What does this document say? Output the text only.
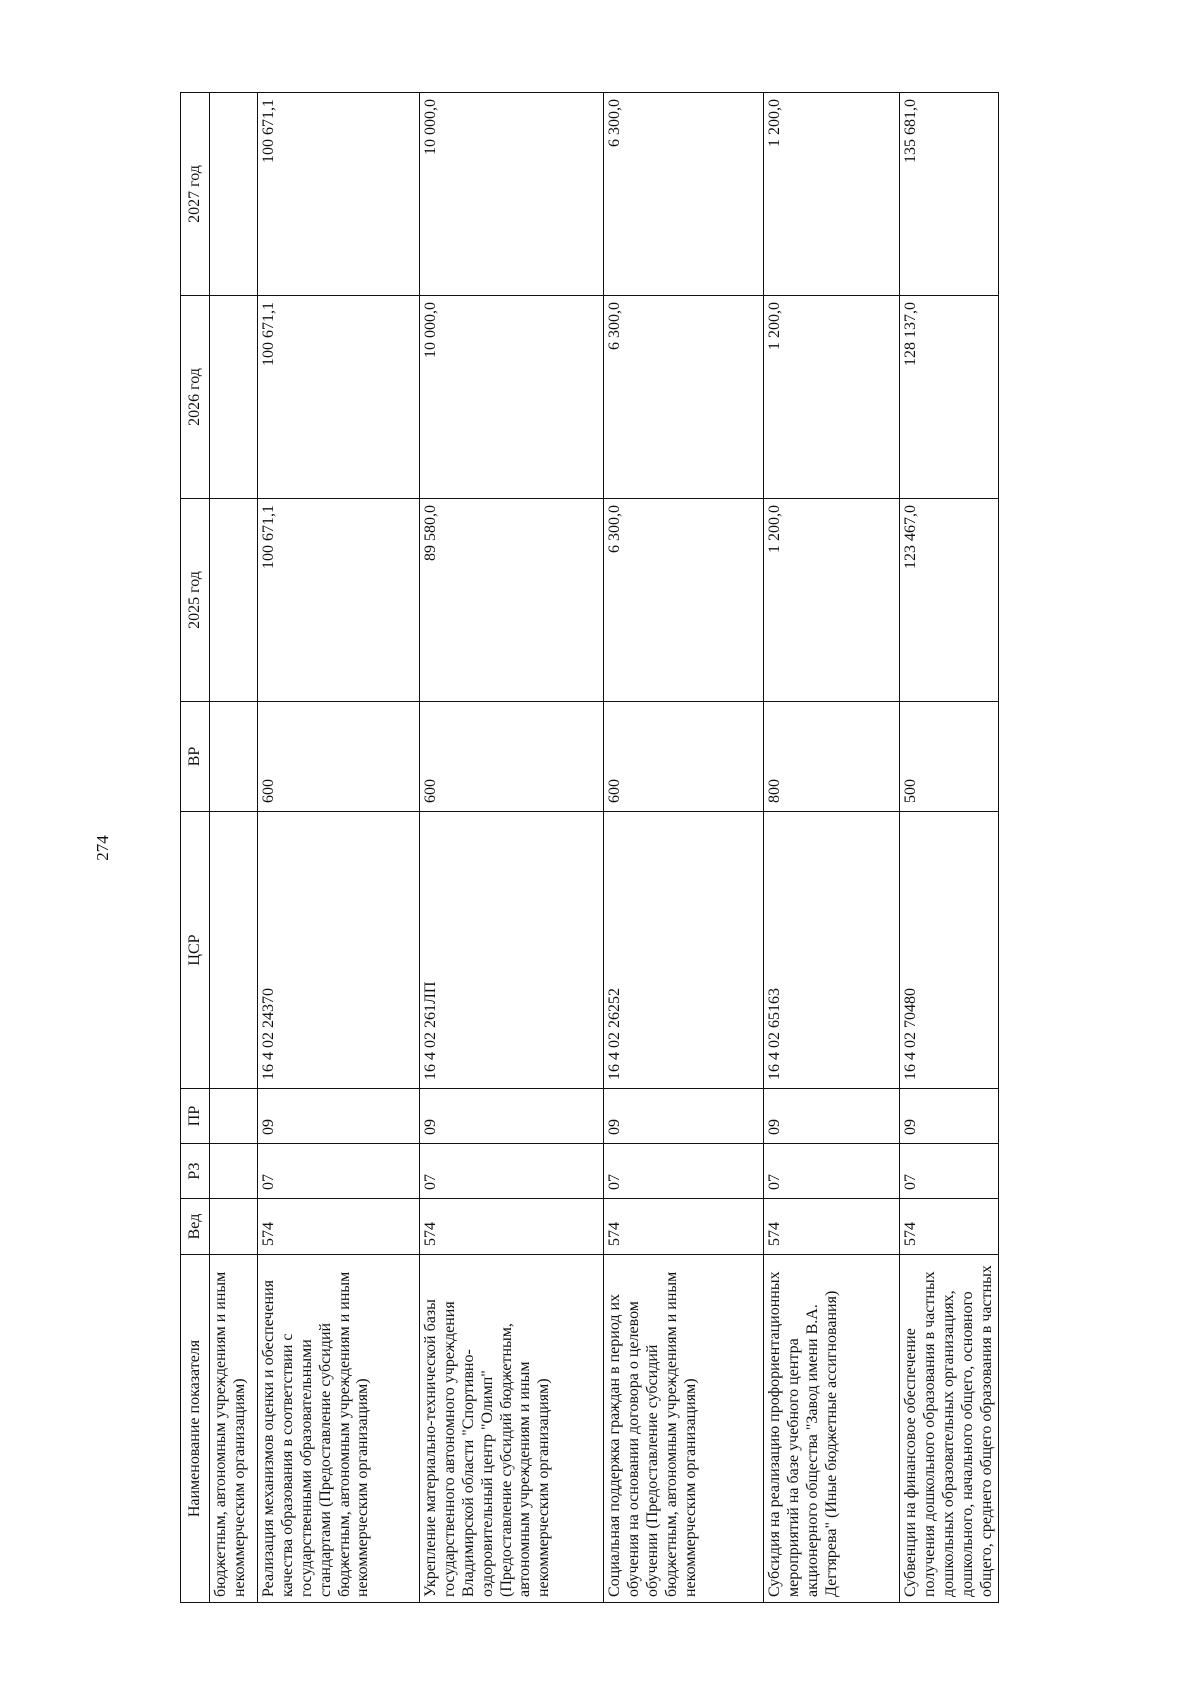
274
Наименование показателя	Вед	РЗ	ПР	ЦСР	ВР	2025 год	2026 год	2027 год
бюджетным, автономным учреждениям и иным некоммерческим организациям)								
Реализация механизмов оценки и обеспечения качества образования в соответствии с государственными образовательными стандартами (Предоставление субсидий бюджетным, автономным учреждениям и иным некоммерческим организациям)	574	07	09	16 4 02 24370	600	100 671,1	100 671,1	100 671,1
Укрепление материально-технической базы государственного автономного учреждения Владимирской области "Спортивно-оздоровительный центр "Олимп" (Предоставление субсидий бюджетным, автономным учреждениям и иным некоммерческим организациям)	574	07	09	16 4 02 261ЛП	600	89 580,0	10 000,0	10 000,0
Социальная поддержка граждан в период их обучения на основании договора о целевом обучении (Предоставление субсидий бюджетным, автономным учреждениям и иным некоммерческим организациям)	574	07	09	16 4 02 26252	600	6 300,0	6 300,0	6 300,0
Субсидия на реализацию профориентационных мероприятий на базе учебного центра акционерного общества "Завод имени В.А. Дегтярева" (Иные бюджетные ассигнования)	574	07	09	16 4 02 65163	800	1 200,0	1 200,0	1 200,0
Субвенции на финансовое обеспечение получения дошкольного образования в частных дошкольных образовательных организациях, дошкольного, начального общего, основного общего, среднего общего образования в частных	574	07	09	16 4 02 70480	500	123 467,0	128 137,0	135 681,0
